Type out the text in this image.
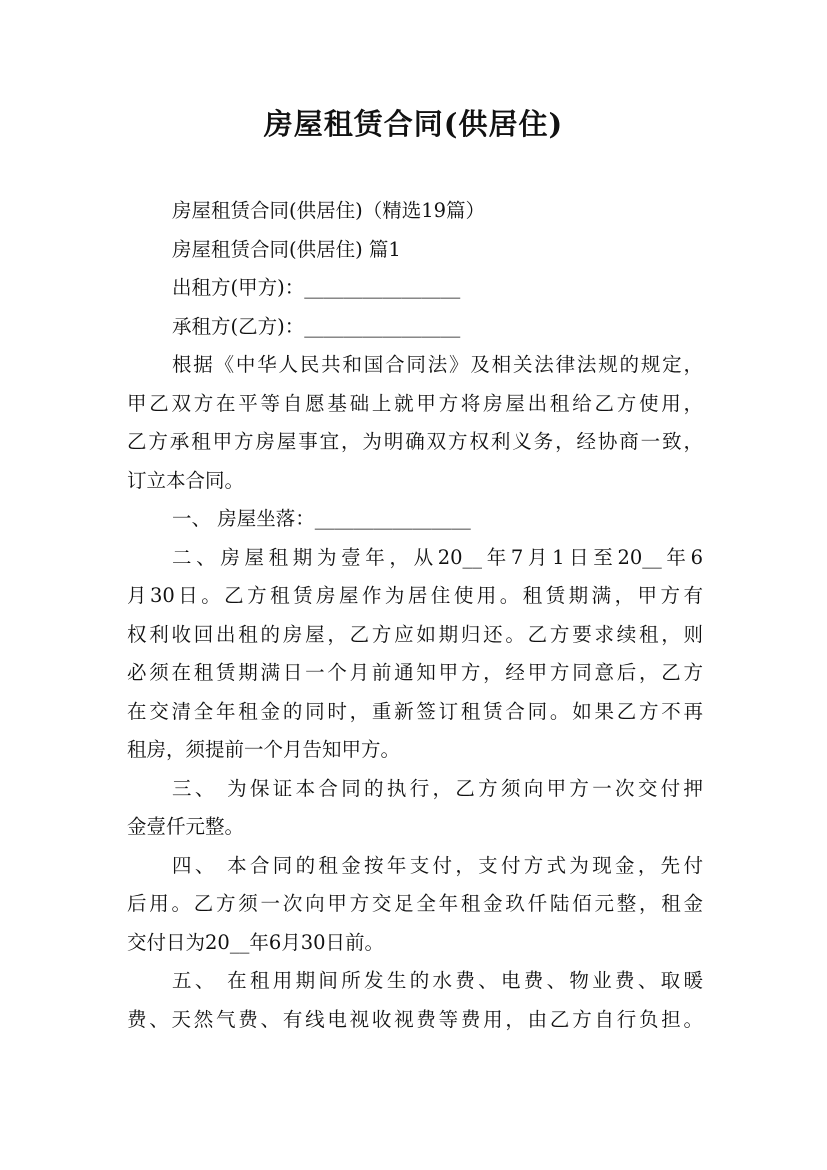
房屋租赁合同(供居住)
房屋租赁合同(供居住)（精选19篇）
房屋租赁合同(供居住) 篇1
出租方(甲方)：________________
承租方(乙方)：________________
根据《中华人民共和国合同法》及相关法律法规的规定，
甲乙双方在平等自愿基础上就甲方将房屋出租给乙方使用，
乙方承租甲方房屋事宜，为明确双方权利义务，经协商一致，
订立本合同。
一、 房屋坐落：________________
二、房屋租期为壹年，从20__年7月1日至20__年6
月30日。乙方租赁房屋作为居住使用。租赁期满，甲方有
权利收回出租的房屋，乙方应如期归还。乙方要求续租，则
必须在租赁期满日一个月前通知甲方，经甲方同意后，乙方
在交清全年租金的同时，重新签订租赁合同。如果乙方不再
租房，须提前一个月告知甲方。
三、 为保证本合同的执行，乙方须向甲方一次交付押
金壹仟元整。
四、 本合同的租金按年支付，支付方式为现金，先付
后用。乙方须一次向甲方交足全年租金玖仟陆佰元整，租金
交付日为20__年6月30日前。
五、 在租用期间所发生的水费、电费、物业费、取暖
费、天然气费、有线电视收视费等费用，由乙方自行负担。
